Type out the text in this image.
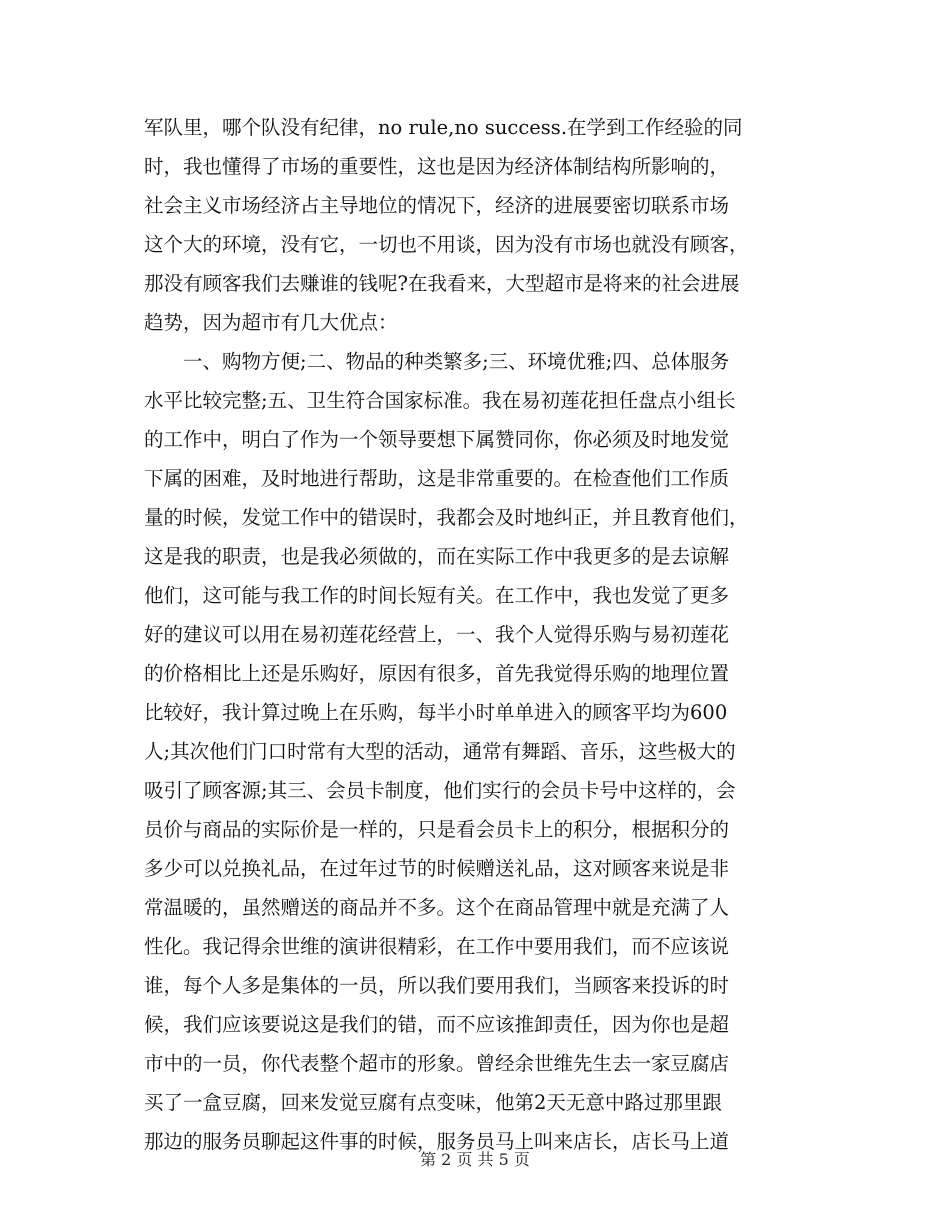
军队里，哪个队没有纪律，no rule,no success.在学到工作经验的同
时，我也懂得了市场的重要性，这也是因为经济体制结构所影响的，
社会主义市场经济占主导地位的情况下，经济的进展要密切联系市场
这个大的环境，没有它，一切也不用谈，因为没有市场也就没有顾客，
那没有顾客我们去赚谁的钱呢?在我看来，大型超市是将来的社会进展
趋势，因为超市有几大优点：
一、购物方便;二、物品的种类繁多;三、环境优雅;四、总体服务
水平比较完整;五、卫生符合国家标准。我在易初莲花担任盘点小组长
的工作中，明白了作为一个领导要想下属赞同你，你必须及时地发觉
下属的困难，及时地进行帮助，这是非常重要的。在检查他们工作质
量的时候，发觉工作中的错误时，我都会及时地纠正，并且教育他们，
这是我的职责，也是我必须做的，而在实际工作中我更多的是去谅解
他们，这可能与我工作的时间长短有关。在工作中，我也发觉了更多
好的建议可以用在易初莲花经营上，一、我个人觉得乐购与易初莲花
的价格相比上还是乐购好，原因有很多，首先我觉得乐购的地理位置
比较好，我计算过晚上在乐购，每半小时单单进入的顾客平均为600
人;其次他们门口时常有大型的活动，通常有舞蹈、音乐，这些极大的
吸引了顾客源;其三、会员卡制度，他们实行的会员卡号中这样的，会
员价与商品的实际价是一样的，只是看会员卡上的积分，根据积分的
多少可以兑换礼品，在过年过节的时候赠送礼品，这对顾客来说是非
常温暖的，虽然赠送的商品并不多。这个在商品管理中就是充满了人
性化。我记得余世维的演讲很精彩，在工作中要用我们，而不应该说
谁，每个人多是集体的一员，所以我们要用我们，当顾客来投诉的时
候，我们应该要说这是我们的错，而不应该推卸责任，因为你也是超
市中的一员，你代表整个超市的形象。曾经余世维先生去一家豆腐店
买了一盒豆腐，回来发觉豆腐有点变味，他第2天无意中路过那里跟
那边的服务员聊起这件事的时候，服务员马上叫来店长，店长马上道
第 2 页 共 5 页
